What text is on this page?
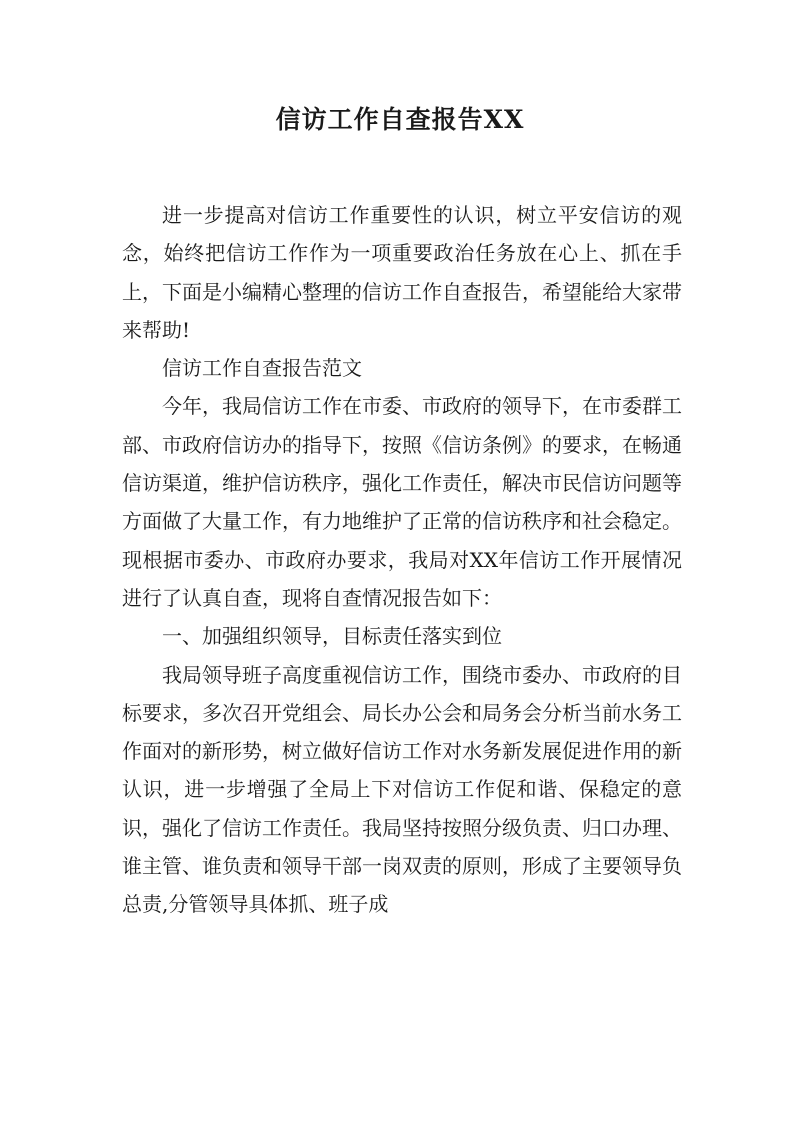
信访工作自查报告XX

进一步提高对信访工作重要性的认识，树立平安信访的观念，始终把信访工作作为一项重要政治任务放在心上、抓在手上，下面是小编精心整理的信访工作自查报告，希望能给大家带来帮助!

信访工作自查报告范文

今年，我局信访工作在市委、市政府的领导下，在市委群工部、市政府信访办的指导下，按照《信访条例》的要求，在畅通信访渠道，维护信访秩序，强化工作责任，解决市民信访问题等方面做了大量工作，有力地维护了正常的信访秩序和社会稳定。现根据市委办、市政府办要求，我局对XX年信访工作开展情况进行了认真自查，现将自查情况报告如下：

一、加强组织领导，目标责任落实到位

我局领导班子高度重视信访工作，围绕市委办、市政府的目标要求，多次召开党组会、局长办公会和局务会分析当前水务工作面对的新形势，树立做好信访工作对水务新发展促进作用的新认识，进一步增强了全局上下对信访工作促和谐、保稳定的意识，强化了信访工作责任。我局坚持按照分级负责、归口办理、谁主管、谁负责和领导干部一岗双责的原则，形成了主要领导负总责,分管领导具体抓、班子成
